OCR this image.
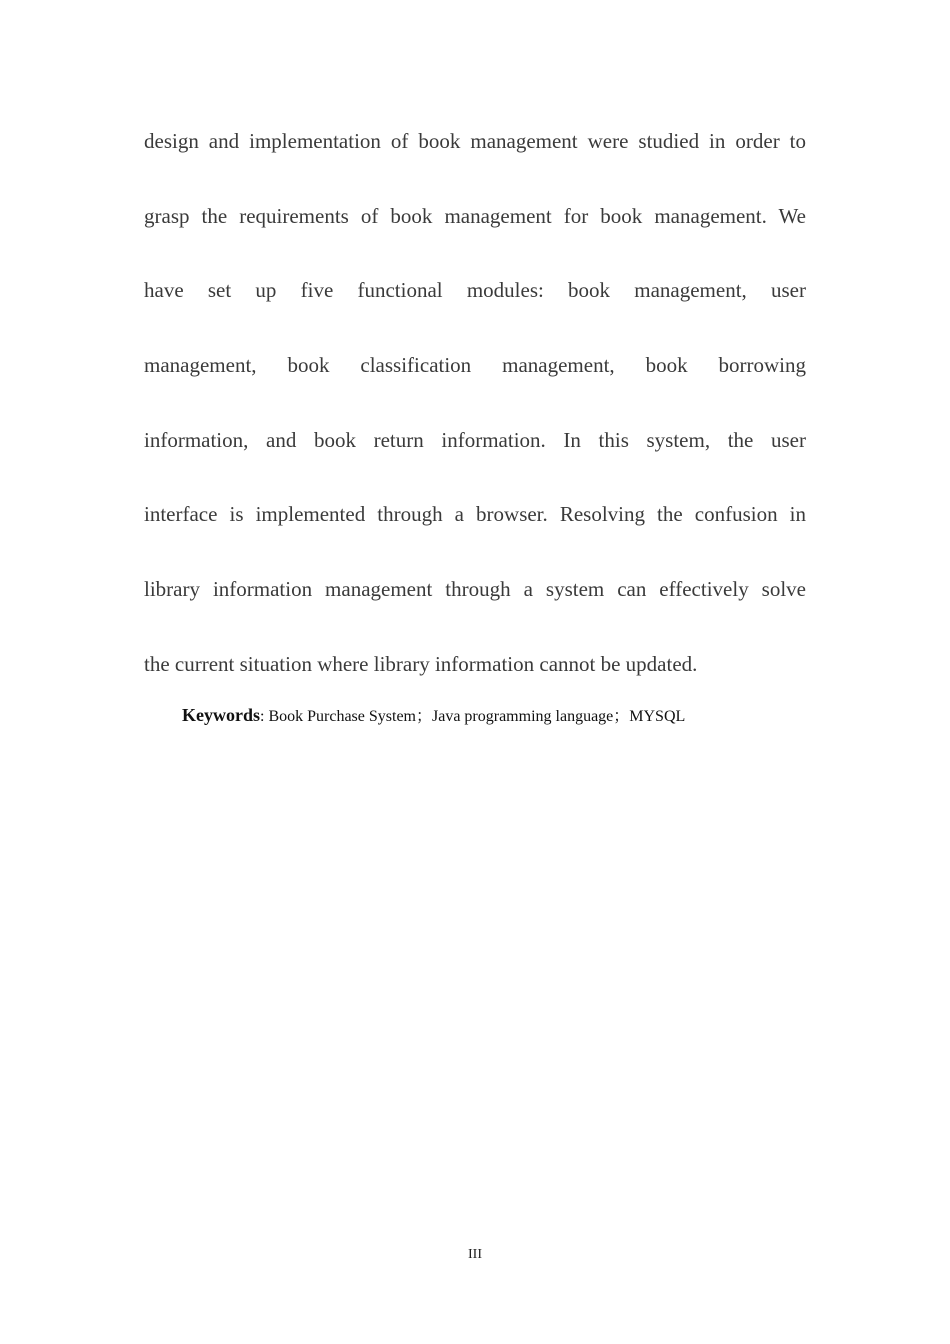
design and implementation of book management were studied in order to
grasp the requirements of book management for book management. We
have set up five functional modules: book management, user
management, book classification management, book borrowing
information, and book return information. In this system, the user
interface is implemented through a browser. Resolving the confusion in
library information management through a system can effectively solve
the current situation where library information cannot be updated.
Keywords: Book Purchase System；Java programming language；MYSQL
III
